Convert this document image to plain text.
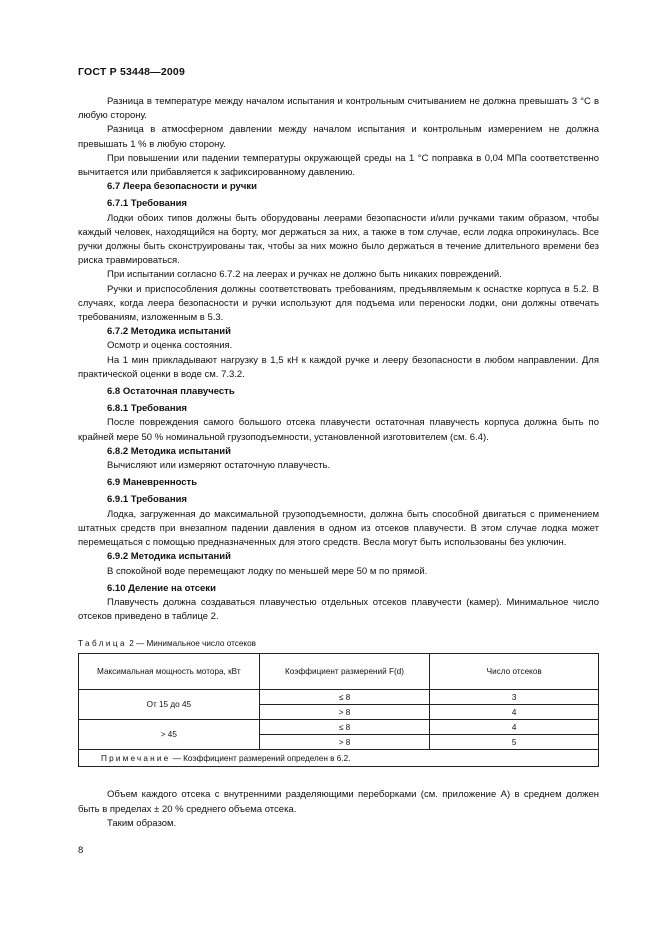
ГОСТ Р 53448—2009

Разница в температуре между началом испытания и контрольным считыванием не должна превышать 3 °С в любую сторону.

Разница в атмосферном давлении между началом испытания и контрольным измерением не должна превышать 1 % в любую сторону.

При повышении или падении температуры окружающей среды на 1 °С поправка в 0,04 МПа соответственно вычитается или прибавляется к зафиксированному давлению.

6.7 Леера безопасности и ручки
6.7.1 Требования

Лодки обоих типов должны быть оборудованы леерами безопасности и/или ручками таким образом, чтобы каждый человек, находящийся на борту, мог держаться за них, а также в том случае, если лодка опрокинулась. Все ручки должны быть сконструированы так, чтобы за них можно было держаться в течение длительного времени без риска травмироваться.

При испытании согласно 6.7.2 на леерах и ручках не должно быть никаких повреждений.

Ручки и приспособления должны соответствовать требованиям, предъявляемым к оснастке корпуса в 5.2. В случаях, когда леера безопасности и ручки используют для подъема или переноски лодки, они должны отвечать требованиям, изложенным в 5.3.

6.7.2 Методика испытаний

Осмотр и оценка состояния.

На 1 мин прикладывают нагрузку в 1,5 кН к каждой ручке и леeру безопасности в любом направлении. Для практической оценки в воде см. 7.3.2.

6.8 Остаточная плавучесть
6.8.1 Требования

После повреждения самого большого отсека плавучести остаточная плавучесть корпуса должна быть по крайней мере 50 % номинальной грузоподъемности, установленной изготовителем (см. 6.4).

6.8.2 Методика испытаний

Вычисляют или измеряют остаточную плавучесть.

6.9 Маневренность
6.9.1 Требования

Лодка, загруженная до максимальной грузоподъемности, должна быть способной двигаться с применением штатных средств при внезапном падении давления в одном из отсеков плавучести. В этом случае лодка может перемещаться с помощью предназначенных для этого средств. Весла могут быть использованы без уключин.

6.9.2 Методика испытаний

В спокойной воде перемещают лодку по меньшей мере 50 м по прямой.

6.10 Деление на отсеки

Плавучесть должна создаваться плавучестью отдельных отсеков плавучести (камер). Минимальное число отсеков приведено в таблице 2.

Таблица 2 — Минимальное число отсеков
Максимальная мощность мотора, кВт	Коэффициент размерений F(d)	Число отсеков
От 15 до 45	≤ 8	3
	> 8	4
> 45	≤ 8	4
	> 8	5
Примечание — Коэффициент размерений определен в 6.2.		

Объем каждого отсека с внутренними разделяющими переборками (см. приложение А) в среднем должен быть в пределах ± 20 % среднего объема отсека.

Таким образом.

8
